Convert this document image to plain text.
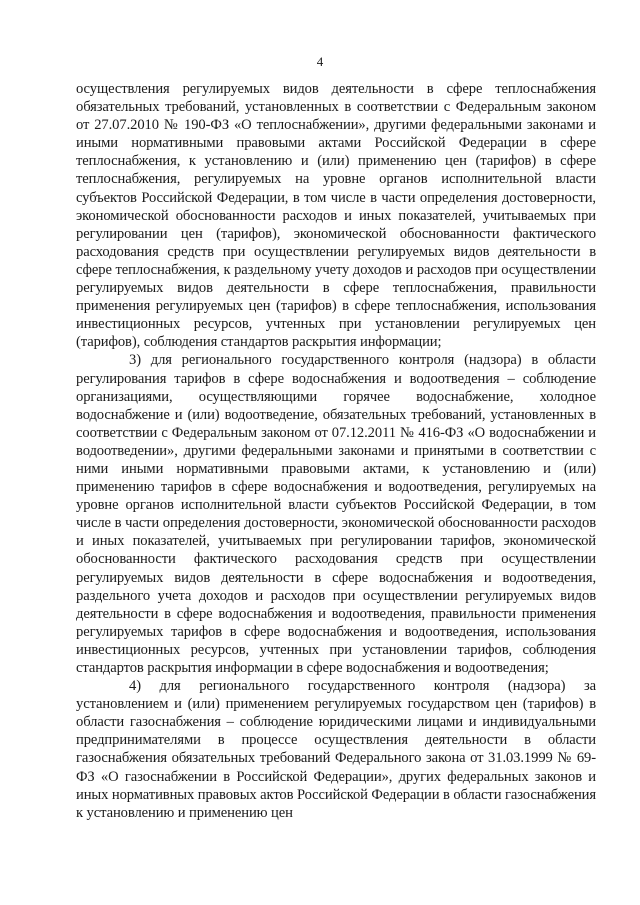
4

осуществления регулируемых видов деятельности в сфере теплоснабжения обязательных требований, установленных в соответствии с Федеральным законом от 27.07.2010 № 190-ФЗ «О теплоснабжении», другими федеральными законами и иными нормативными правовыми актами Российской Федерации в сфере теплоснабжения, к установлению и (или) применению цен (тарифов) в сфере теплоснабжения, регулируемых на уровне органов исполнительной власти субъектов Российской Федерации, в том числе в части определения достоверности, экономической обоснованности расходов и иных показателей, учитываемых при регулировании цен (тарифов), экономической обоснованности фактического расходования средств при осуществлении регулируемых видов деятельности в сфере теплоснабжения, к раздельному учету доходов и расходов при осуществлении регулируемых видов деятельности в сфере теплоснабжения, правильности применения регулируемых цен (тарифов) в сфере теплоснабжения, использования инвестиционных ресурсов, учтенных при установлении регулируемых цен (тарифов), соблюдения стандартов раскрытия информации;

3) для регионального государственного контроля (надзора) в области регулирования тарифов в сфере водоснабжения и водоотведения – соблюдение организациями, осуществляющими горячее водоснабжение, холодное водоснабжение и (или) водоотведение, обязательных требований, установленных в соответствии с Федеральным законом от 07.12.2011 № 416-ФЗ «О водоснабжении и водоотведении», другими федеральными законами и принятыми в соответствии с ними иными нормативными правовыми актами, к установлению и (или) применению тарифов в сфере водоснабжения и водоотведения, регулируемых на уровне органов исполнительной власти субъектов Российской Федерации, в том числе в части определения достоверности, экономической обоснованности расходов и иных показателей, учитываемых при регулировании тарифов, экономической обоснованности фактического расходования средств при осуществлении регулируемых видов деятельности в сфере водоснабжения и водоотведения, раздельного учета доходов и расходов при осуществлении регулируемых видов деятельности в сфере водоснабжения и водоотведения, правильности применения регулируемых тарифов в сфере водоснабжения и водоотведения, использования инвестиционных ресурсов, учтенных при установлении тарифов, соблюдения стандартов раскрытия информации в сфере водоснабжения и водоотведения;

4) для регионального государственного контроля (надзора) за установлением и (или) применением регулируемых государством цен (тарифов) в области газоснабжения – соблюдение юридическими лицами и индивидуальными предпринимателями в процессе осуществления деятельности в области газоснабжения обязательных требований Федерального закона от 31.03.1999 № 69-ФЗ «О газоснабжении в Российской Федерации», других федеральных законов и иных нормативных правовых актов Российской Федерации в области газоснабжения к установлению и применению цен
